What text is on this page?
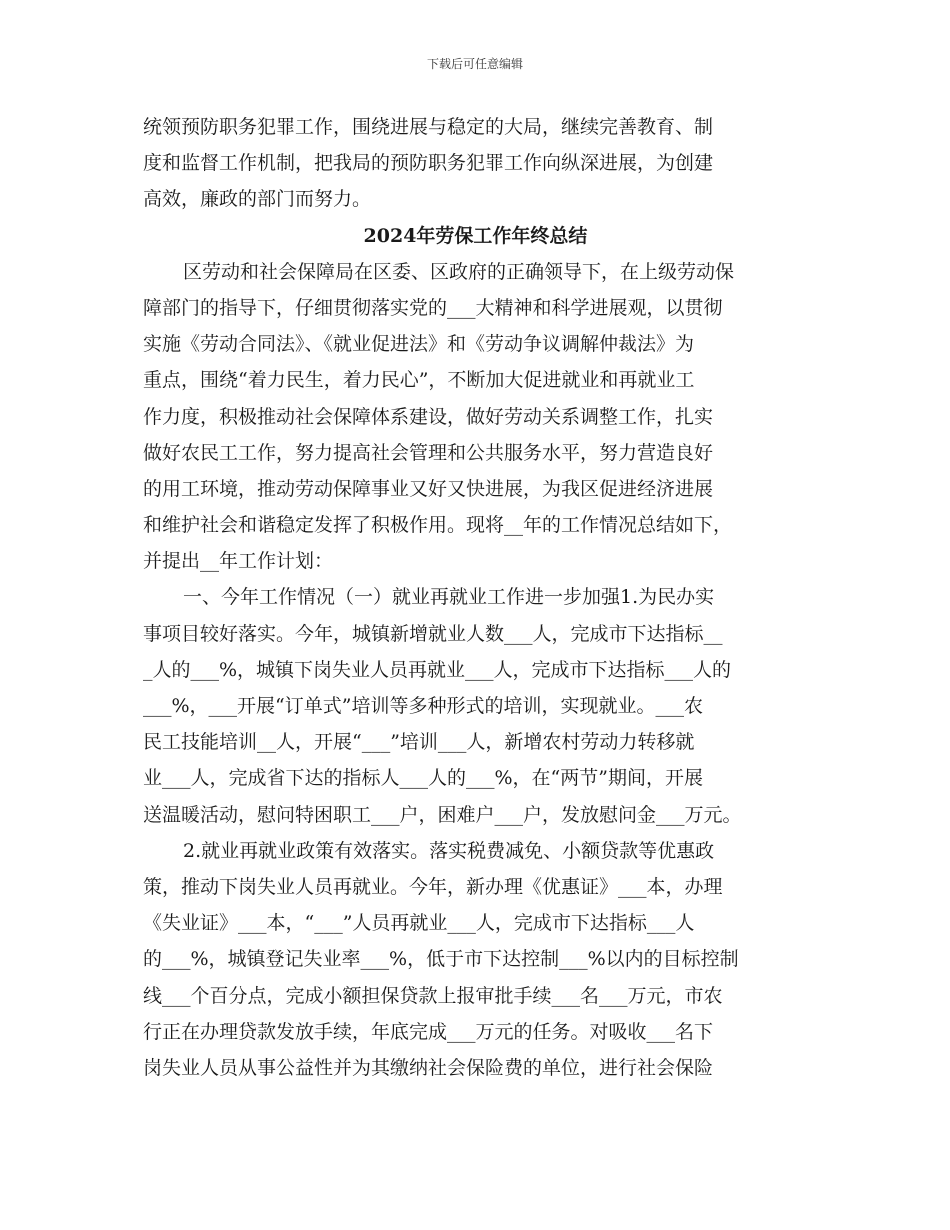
下载后可任意编辑
统领预防职务犯罪工作，围绕进展与稳定的大局，继续完善教育、制
度和监督工作机制，把我局的预防职务犯罪工作向纵深进展，为创建
高效，廉政的部门而努力。
2024年劳保工作年终总结
区劳动和社会保障局在区委、区政府的正确领导下，在上级劳动保
障部门的指导下，仔细贯彻落实党的___大精神和科学进展观，以贯彻
实施《劳动合同法》、《就业促进法》和《劳动争议调解仲裁法》为
重点，围绕“着力民生，着力民心”，不断加大促进就业和再就业工
作力度，积极推动社会保障体系建设，做好劳动关系调整工作，扎实
做好农民工工作，努力提高社会管理和公共服务水平，努力营造良好
的用工环境，推动劳动保障事业又好又快进展，为我区促进经济进展
和维护社会和谐稳定发挥了积极作用。现将__年的工作情况总结如下，
并提出__年工作计划：
一、今年工作情况（一）就业再就业工作进一步加强1.为民办实
事项目较好落实。今年，城镇新增就业人数___人，完成市下达指标__
_人的___%，城镇下岗失业人员再就业___人，完成市下达指标___人的
___%，___开展“订单式”培训等多种形式的培训，实现就业。___农
民工技能培训__人，开展“___”培训___人，新增农村劳动力转移就
业___人，完成省下达的指标人___人的___%，在“两节”期间，开展
送温暖活动，慰问特困职工___户，困难户___户，发放慰问金___万元。
2.就业再就业政策有效落实。落实税费减免、小额贷款等优惠政
策，推动下岗失业人员再就业。今年，新办理《优惠证》___本，办理
《失业证》___本，“___”人员再就业___人，完成市下达指标___人
的___%，城镇登记失业率___%，低于市下达控制___%以内的目标控制
线___个百分点，完成小额担保贷款上报审批手续___名___万元，市农
行正在办理贷款发放手续，年底完成___万元的任务。对吸收___名下
岗失业人员从事公益性并为其缴纳社会保险费的单位，进行社会保险
